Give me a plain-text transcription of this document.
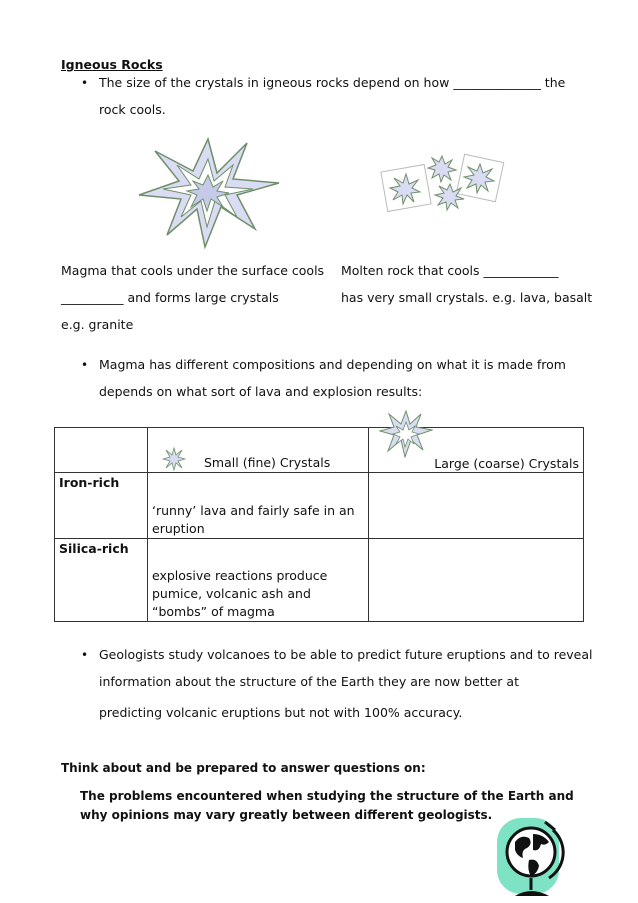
Igneous Rocks
• The size of the crystals in igneous rocks depend on how ______________ the
rock cools.
Magma that cools under the surface cools
__________ and forms large crystals
e.g. granite
Molten rock that cools ____________
has very small crystals. e.g. lava, basalt
• Magma has different compositions and depending on what it is made from
depends on what sort of lava and explosion results:
	Small (fine) Crystals	Large (coarse) Crystals
Iron-rich	‘runny’ lava and fairly safe in an eruption	
Silica-rich	explosive reactions produce pumice, volcanic ash and “bombs” of magma	
• Geologists study volcanoes to be able to predict future eruptions and to reveal
information about the structure of the Earth they are now better at
predicting volcanic eruptions but not with 100% accuracy.
Think about and be prepared to answer questions on:
The problems encountered when studying the structure of the Earth and why opinions may vary greatly between different geologists.
